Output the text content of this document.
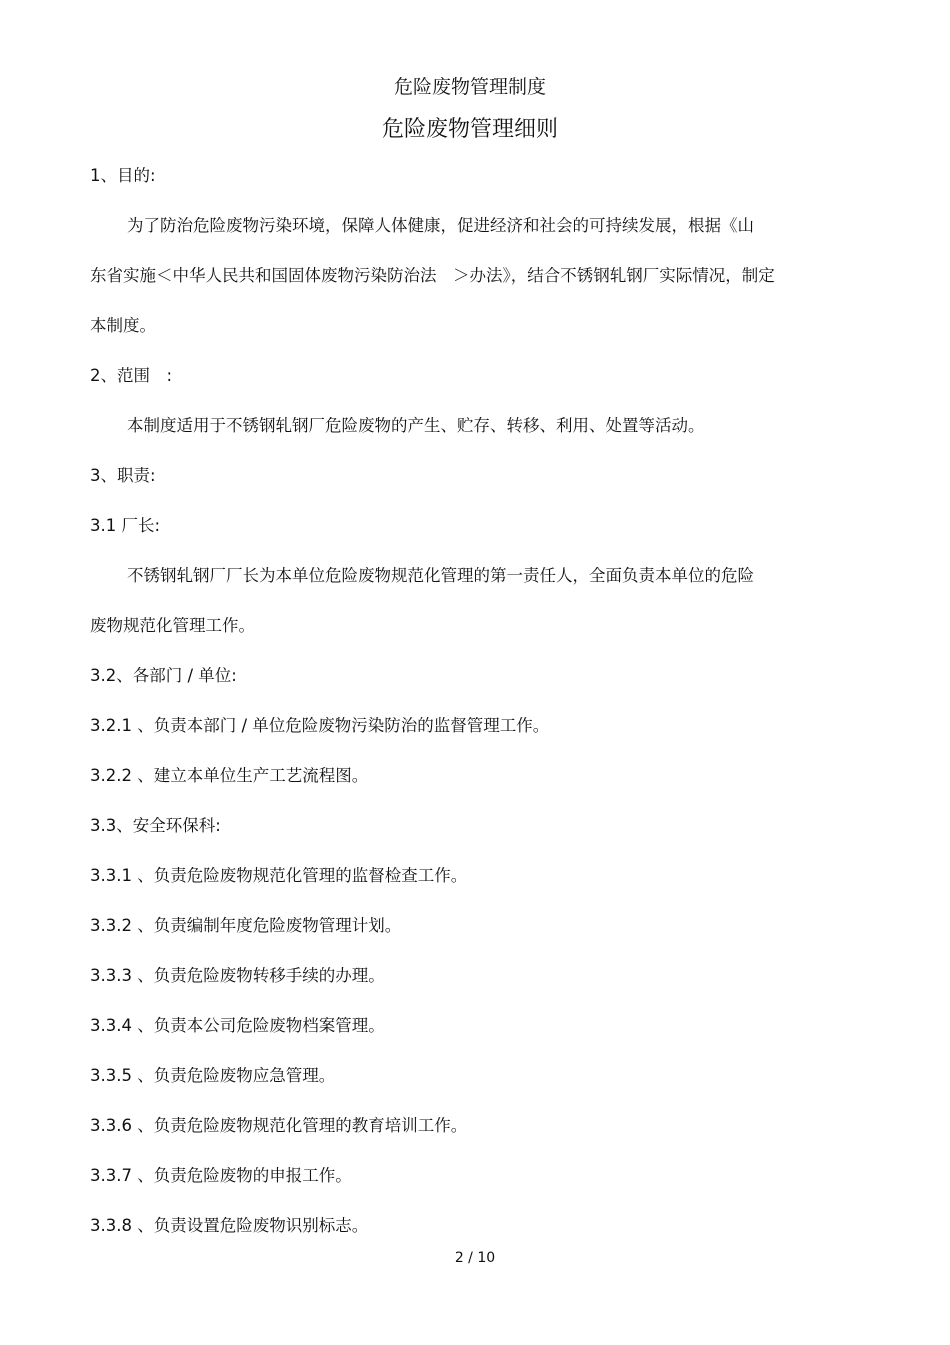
危险废物管理制度
危险废物管理细则
1、目的:
为了防治危险废物污染环境，保障人体健康，促进经济和社会的可持续发展，根据《山
东省实施＜中华人民共和国固体废物污染防治法　＞办法》，结合不锈钢轧钢厂实际情况，制定
本制度。
2、范围　:
本制度适用于不锈钢轧钢厂危险废物的产生、贮存、转移、利用、处置等活动。
3、职责:
3.1 厂长:
不锈钢轧钢厂厂长为本单位危险废物规范化管理的第一责任人，全面负责本单位的危险
废物规范化管理工作。
3.2、各部门 / 单位:
3.2.1 、负责本部门 / 单位危险废物污染防治的监督管理工作。
3.2.2 、建立本单位生产工艺流程图。
3.3、安全环保科:
3.3.1 、负责危险废物规范化管理的监督检查工作。
3.3.2 、负责编制年度危险废物管理计划。
3.3.3 、负责危险废物转移手续的办理。
3.3.4 、负责本公司危险废物档案管理。
3.3.5 、负责危险废物应急管理。
3.3.6 、负责危险废物规范化管理的教育培训工作。
3.3.7 、负责危险废物的申报工作。
3.3.8 、负责设置危险废物识别标志。
2 / 10
